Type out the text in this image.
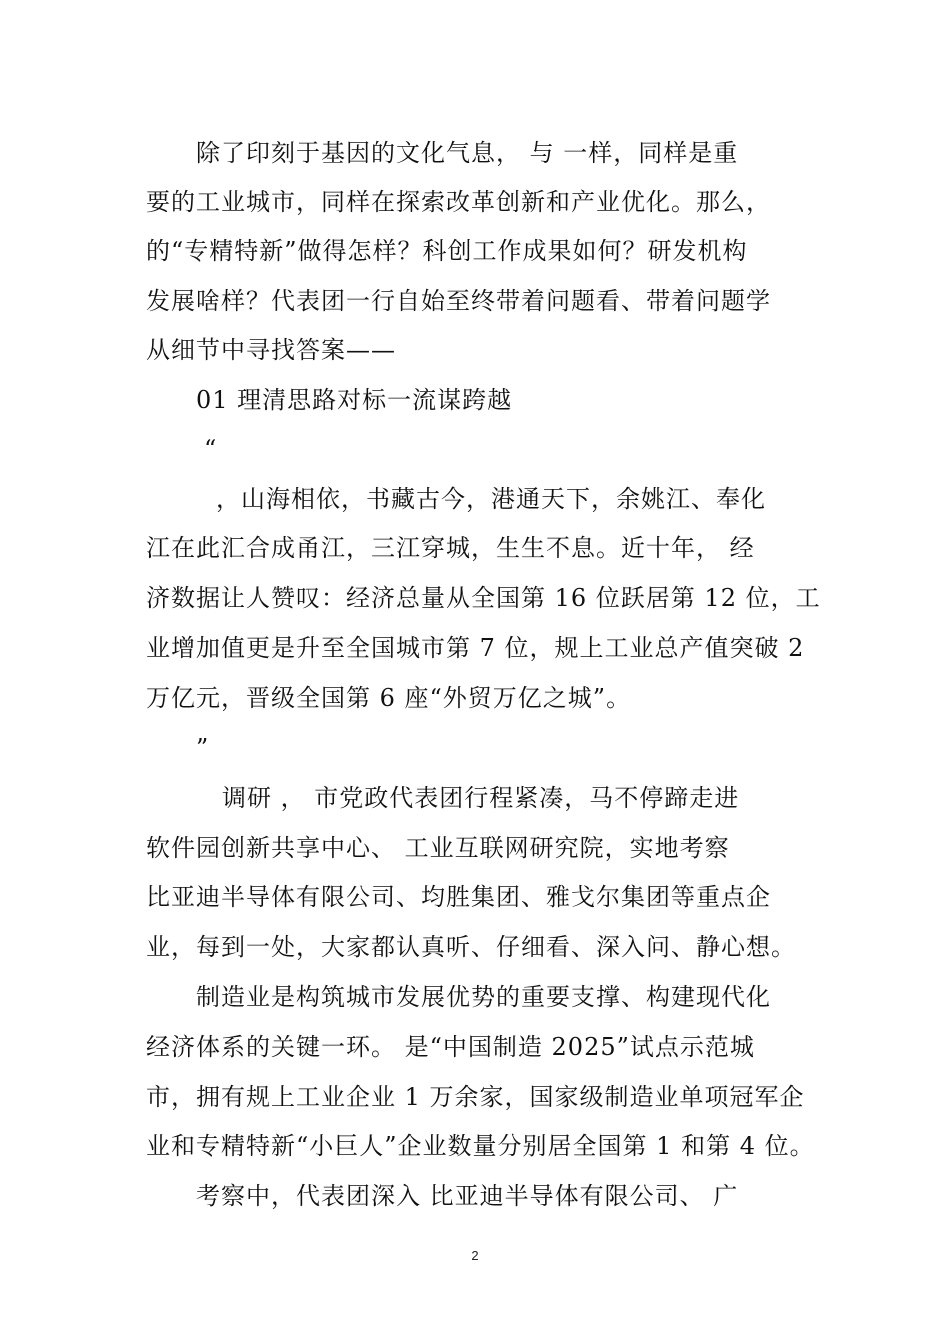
除了印刻于基因的文化气息， 与 一样，同样是重
要的工业城市，同样在探索改革创新和产业优化。那么，
的“专精特新”做得怎样？科创工作成果如何？研发机构
发展啥样？代表团一行自始至终带着问题看、带着问题学
从细节中寻找答案——
01 理清思路对标一流谋跨越
“
，山海相依，书藏古今，港通天下，余姚江、奉化
江在此汇合成甬江，三江穿城，生生不息。近十年， 经
济数据让人赞叹：经济总量从全国第 16 位跃居第 12 位，工
业增加值更是升至全国城市第 7 位，规上工业总产值突破 2
万亿元，晋级全国第 6 座“外贸万亿之城”。
”
调研 ， 市党政代表团行程紧凑，马不停蹄走进
软件园创新共享中心、 工业互联网研究院，实地考察
比亚迪半导体有限公司、均胜集团、雅戈尔集团等重点企
业，每到一处，大家都认真听、仔细看、深入问、静心想。
制造业是构筑城市发展优势的重要支撑、构建现代化
经济体系的关键一环。 是“中国制造 2025”试点示范城
市，拥有规上工业企业 1 万余家，国家级制造业单项冠军企
业和专精特新“小巨人”企业数量分别居全国第 1 和第 4 位。
考察中，代表团深入 比亚迪半导体有限公司、 广
2
